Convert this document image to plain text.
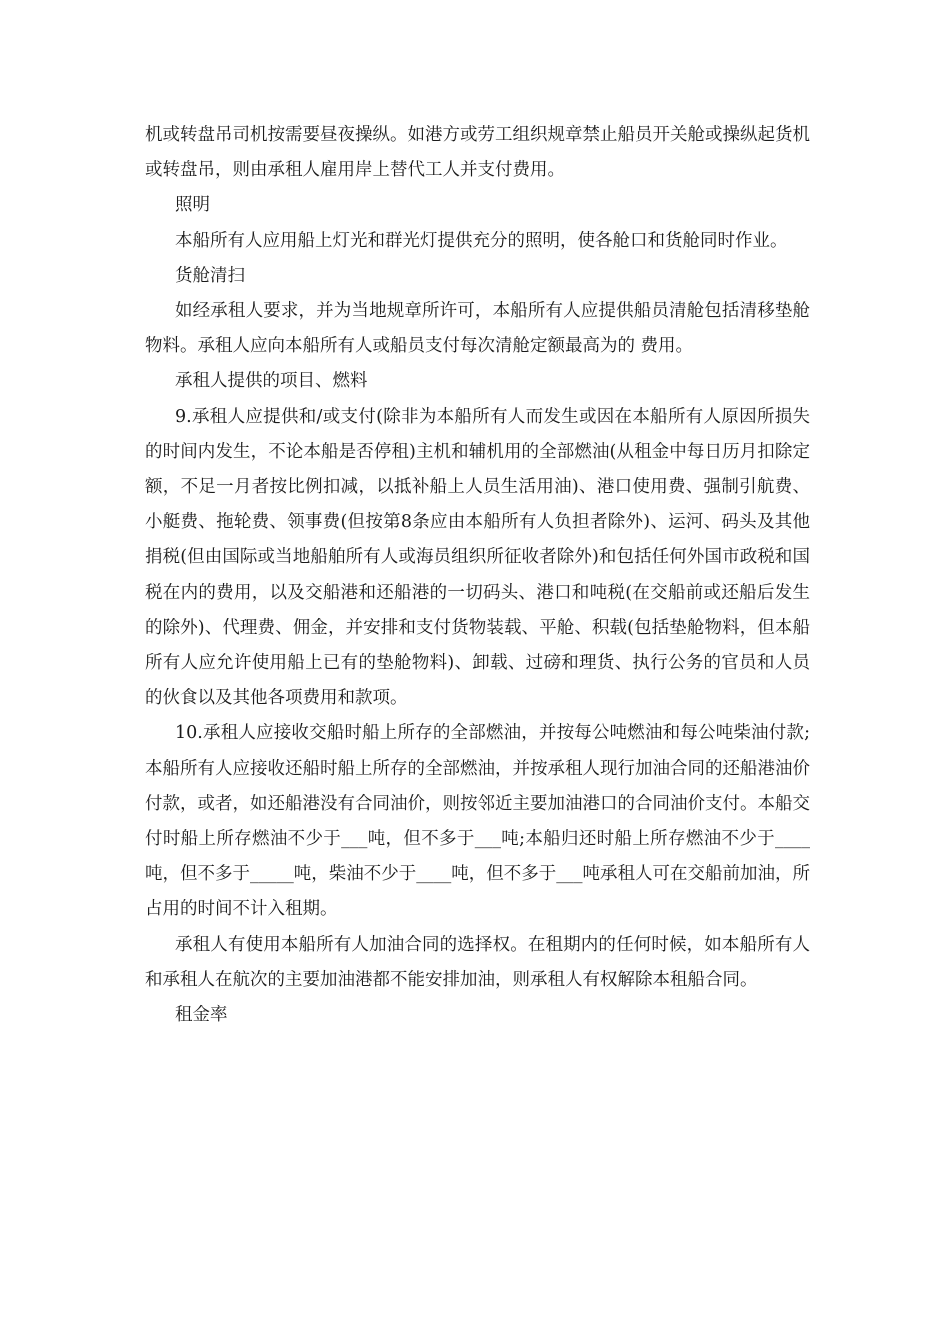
机或转盘吊司机按需要昼夜操纵。如港方或劳工组织规章禁止船员开关舱或操纵起货机或转盘吊，则由承租人雇用岸上替代工人并支付费用。

照明

本船所有人应用船上灯光和群光灯提供充分的照明，使各舱口和货舱同时作业。

货舱清扫

如经承租人要求，并为当地规章所许可，本船所有人应提供船员清舱包括清移垫舱物料。承租人应向本船所有人或船员支付每次清舱定额最高为的 费用。

承租人提供的项目、燃料

9.承租人应提供和/或支付(除非为本船所有人而发生或因在本船所有人原因所损失的时间内发生，不论本船是否停租)主机和辅机用的全部燃油(从租金中每日历月扣除定额，不足一月者按比例扣减，以抵补船上人员生活用油)、港口使用费、强制引航费、小艇费、拖轮费、领事费(但按第8条应由本船所有人负担者除外)、运河、码头及其他捐税(但由国际或当地船舶所有人或海员组织所征收者除外)和包括任何外国市政税和国税在内的费用，以及交船港和还船港的一切码头、港口和吨税(在交船前或还船后发生的除外)、代理费、佣金，并安排和支付货物装载、平舱、积载(包括垫舱物料，但本船所有人应允许使用船上已有的垫舱物料)、卸载、过磅和理货、执行公务的官员和人员的伙食以及其他各项费用和款项。

10.承租人应接收交船时船上所存的全部燃油，并按每公吨燃油和每公吨柴油付款;本船所有人应接收还船时船上所存的全部燃油，并按承租人现行加油合同的还船港油价付款，或者，如还船港没有合同油价，则按邻近主要加油港口的合同油价支付。本船交付时船上所存燃油不少于___吨，但不多于___吨;本船归还时船上所存燃油不少于____吨，但不多于_____吨，柴油不少于____吨，但不多于___吨承租人可在交船前加油，所占用的时间不计入租期。

承租人有使用本船所有人加油合同的选择权。在租期内的任何时候，如本船所有人和承租人在航次的主要加油港都不能安排加油，则承租人有权解除本租船合同。

租金率
